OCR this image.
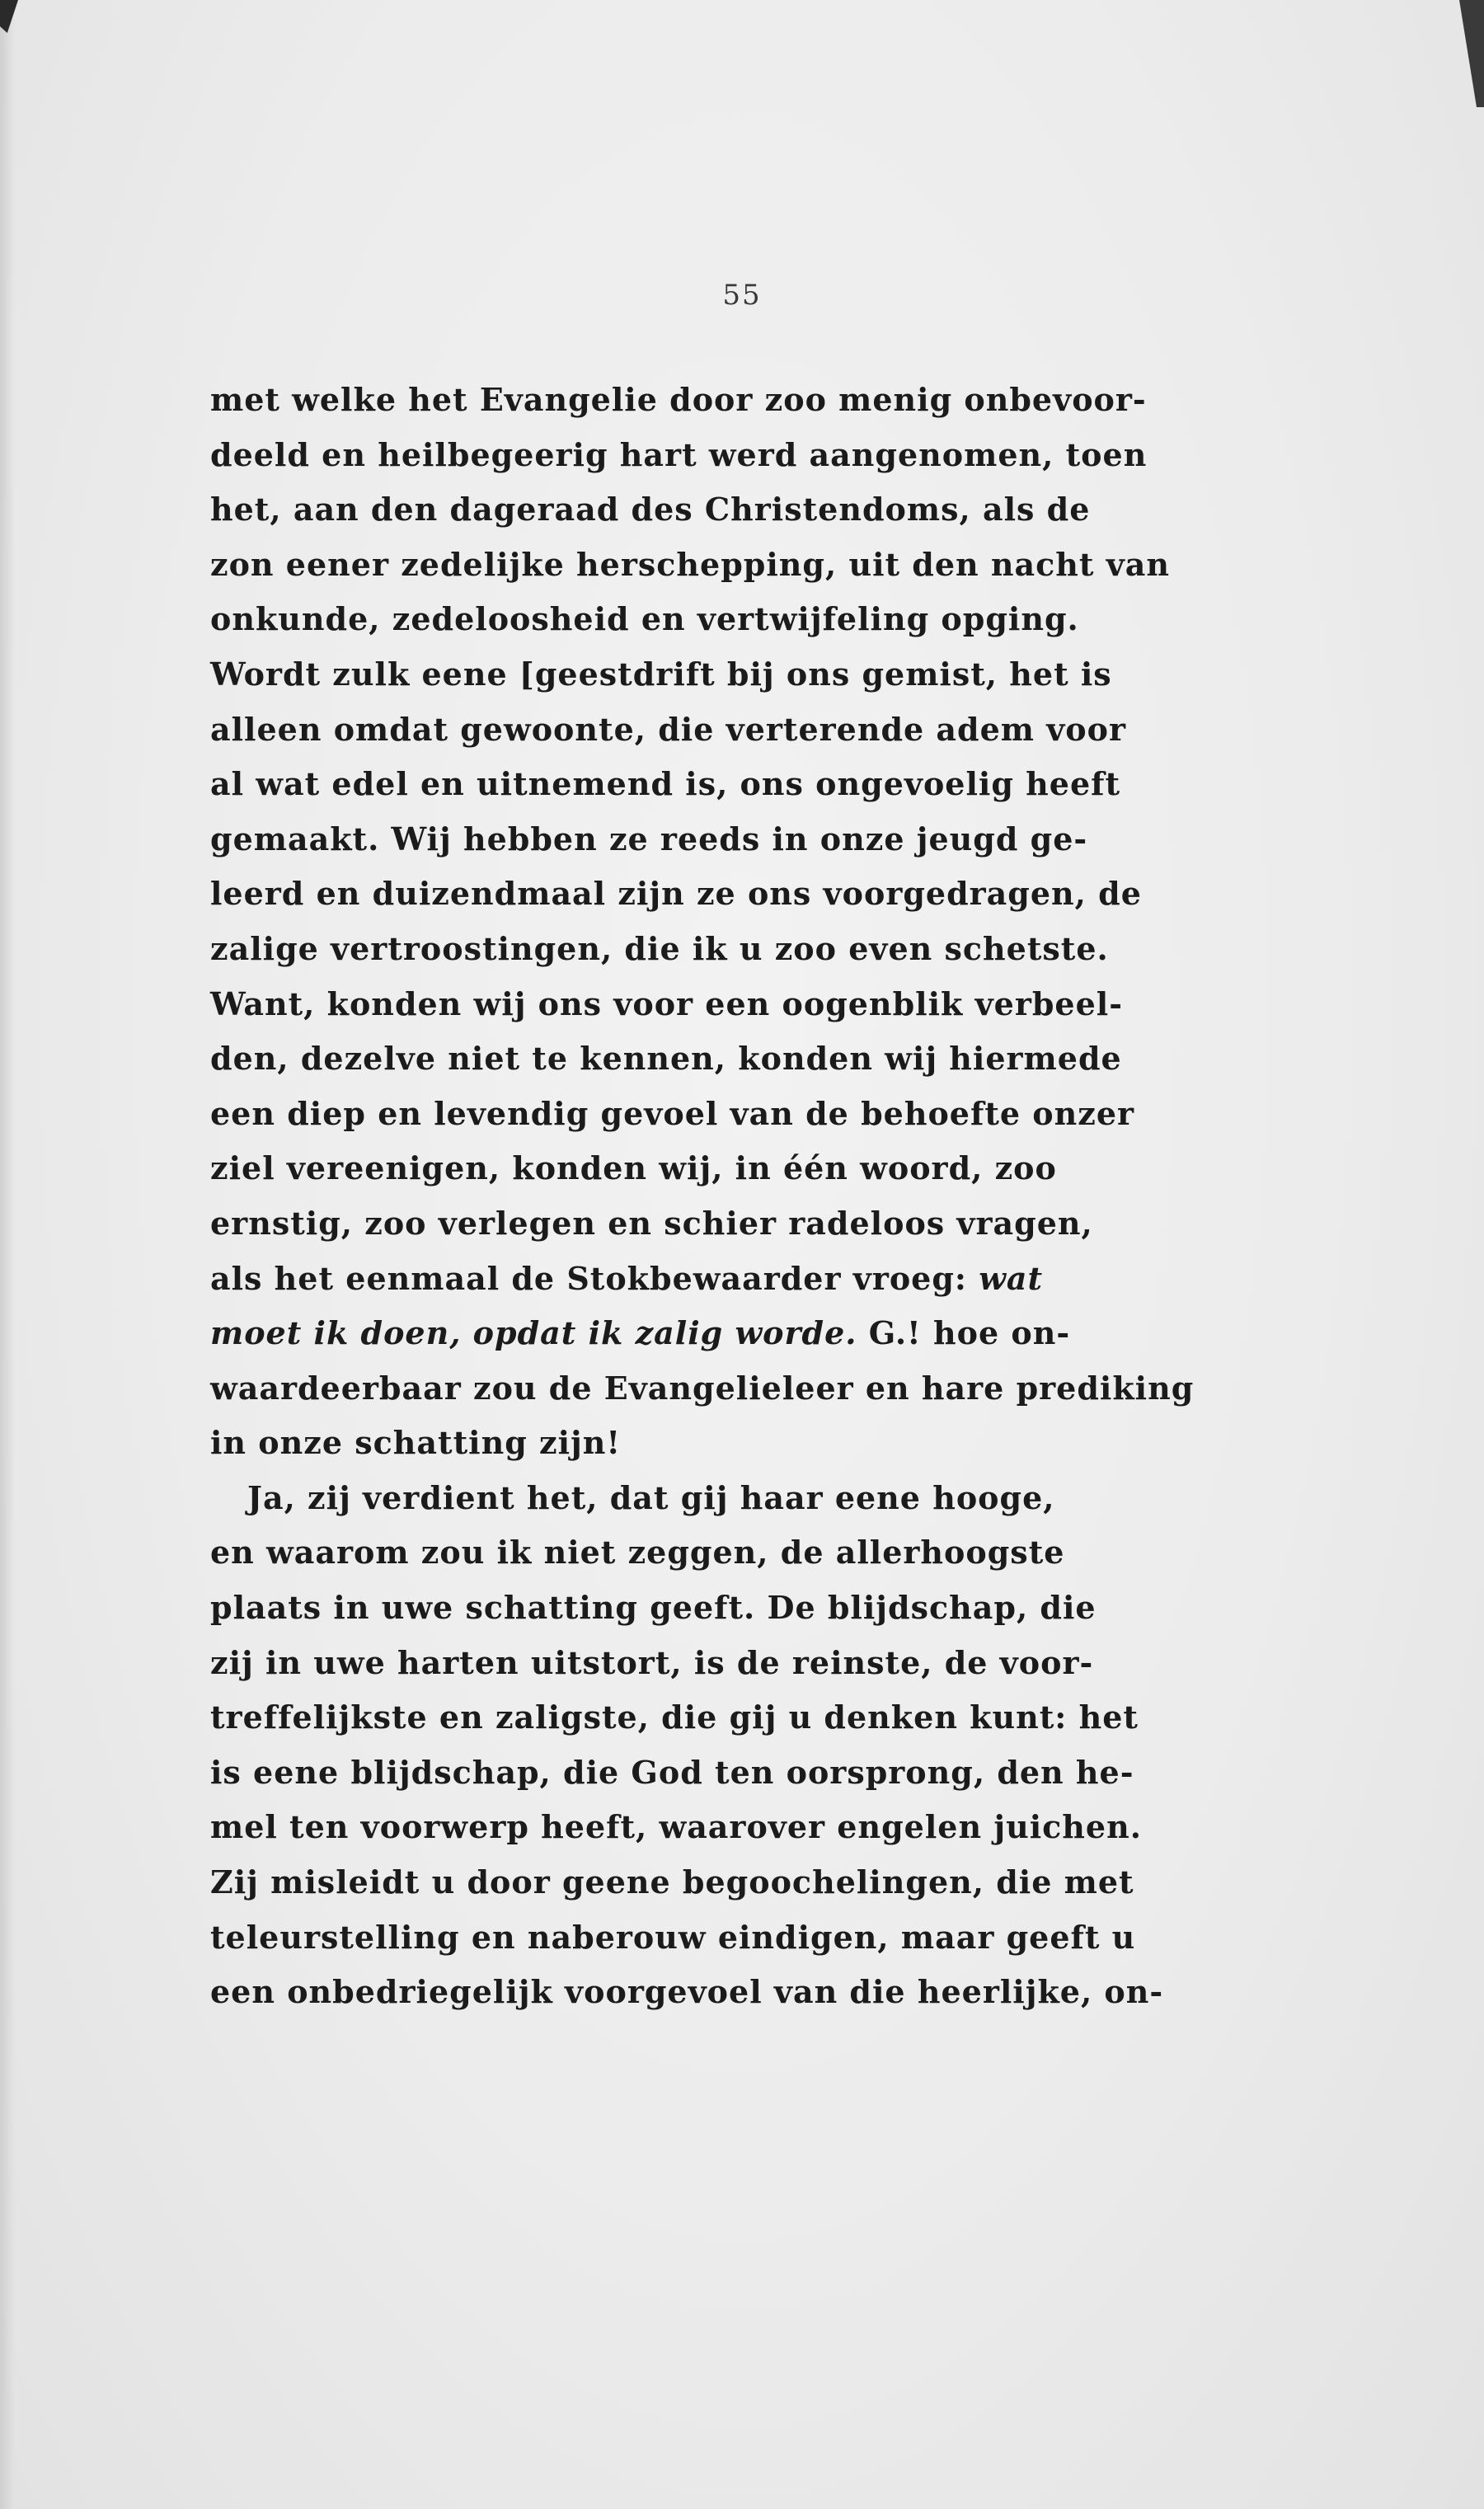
55
met welke het Evangelie door zoo menig onbevoor-
deeld en heilbegeerig hart werd aangenomen, toen
het, aan den dageraad des Christendoms, als de
zon eener zedelijke herschepping, uit den nacht van
onkunde, zedeloosheid en vertwijfeling opging.
Wordt zulk eene [geestdrift bij ons gemist, het is
alleen omdat gewoonte, die verterende adem voor
al wat edel en uitnemend is, ons ongevoelig heeft
gemaakt. Wij hebben ze reeds in onze jeugd ge-
leerd en duizendmaal zijn ze ons voorgedragen, de
zalige vertroostingen, die ik u zoo even schetste.
Want, konden wij ons voor een oogenblik verbeel-
den, dezelve niet te kennen, konden wij hiermede
een diep en levendig gevoel van de behoefte onzer
ziel vereenigen, konden wij, in één woord, zoo
ernstig, zoo verlegen en schier radeloos vragen,
als het eenmaal de Stokbewaarder vroeg: wat
moet ik doen, opdat ik zalig worde. G.! hoe on-
waardeerbaar zou de Evangelieleer en hare prediking
in onze schatting zijn!
Ja, zij verdient het, dat gij haar eene hooge,
en waarom zou ik niet zeggen, de allerhoogste
plaats in uwe schatting geeft. De blijdschap, die
zij in uwe harten uitstort, is de reinste, de voor-
treffelijkste en zaligste, die gij u denken kunt: het
is eene blijdschap, die God ten oorsprong, den he-
mel ten voorwerp heeft, waarover engelen juichen.
Zij misleidt u door geene begoochelingen, die met
teleurstelling en naberouw eindigen, maar geeft u
een onbedriegelijk voorgevoel van die heerlijke, on-
